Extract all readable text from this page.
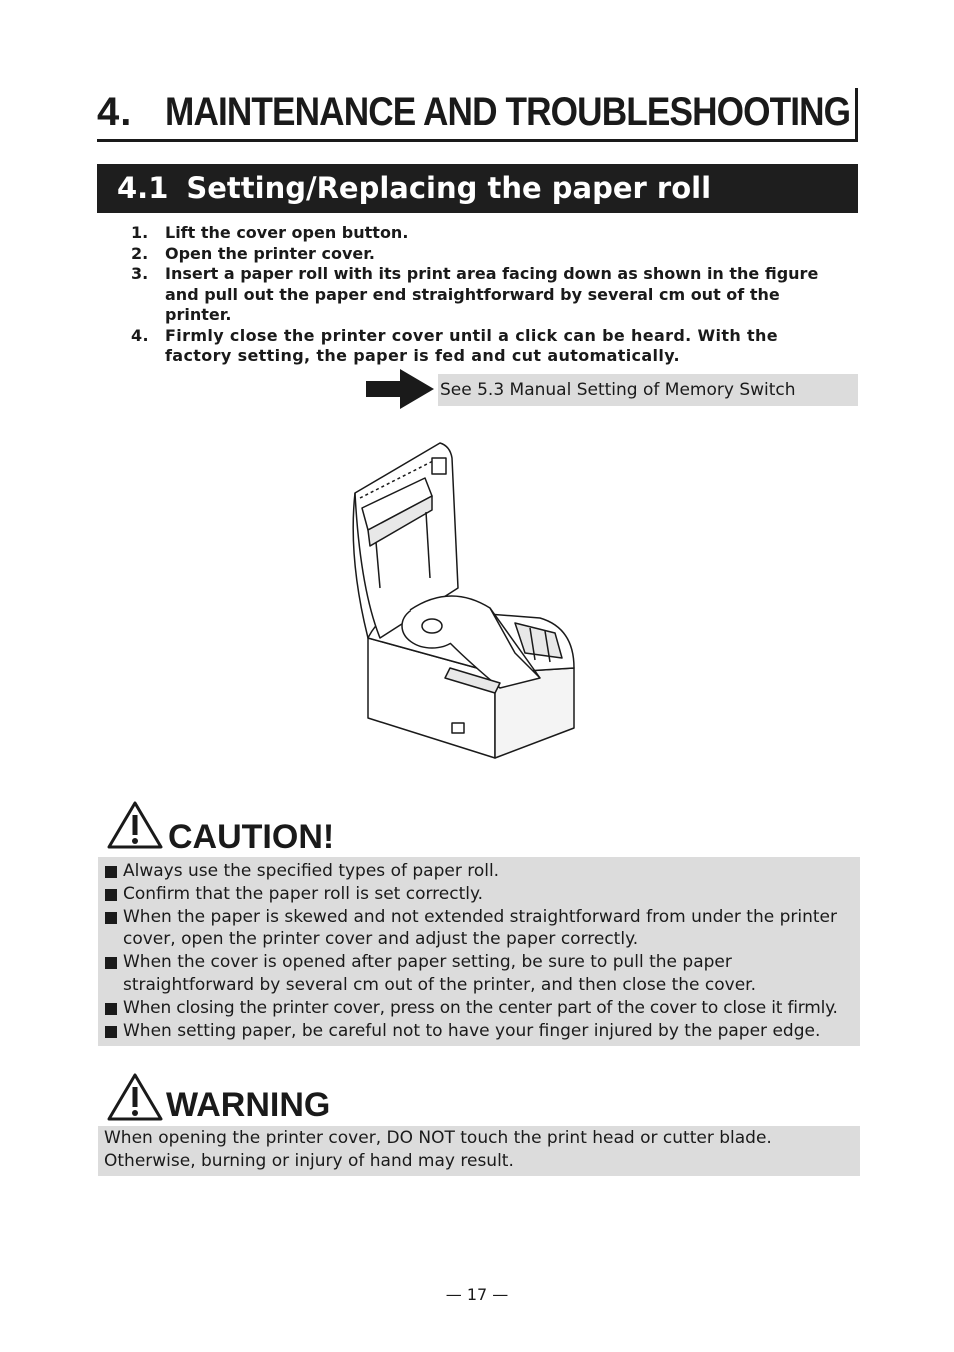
4. MAINTENANCE AND TROUBLESHOOTING
4.1 Setting/Replacing the paper roll
1. Lift the cover open button.
2. Open the printer cover.
3. Insert a paper roll with its print area facing down as shown in the figure and pull out the paper end straightforward by several cm out of the printer.
4. Firmly close the printer cover until a click can be heard. With the factory setting, the paper is fed and cut automatically.
See 5.3 Manual Setting of Memory Switch
CAUTION!
Always use the specified types of paper roll.
Confirm that the paper roll is set correctly.
When the paper is skewed and not extended straightforward from under the printer cover, open the printer cover and adjust the paper correctly.
When the cover is opened after paper setting, be sure to pull the paper straightforward by several cm out of the printer, and then close the cover.
When closing the printer cover, press on the center part of the cover to close it firmly.
When setting paper, be careful not to have your finger injured by the paper edge.
WARNING
When opening the printer cover, DO NOT touch the print head or cutter blade. Otherwise, burning or injury of hand may result.
— 17 —
